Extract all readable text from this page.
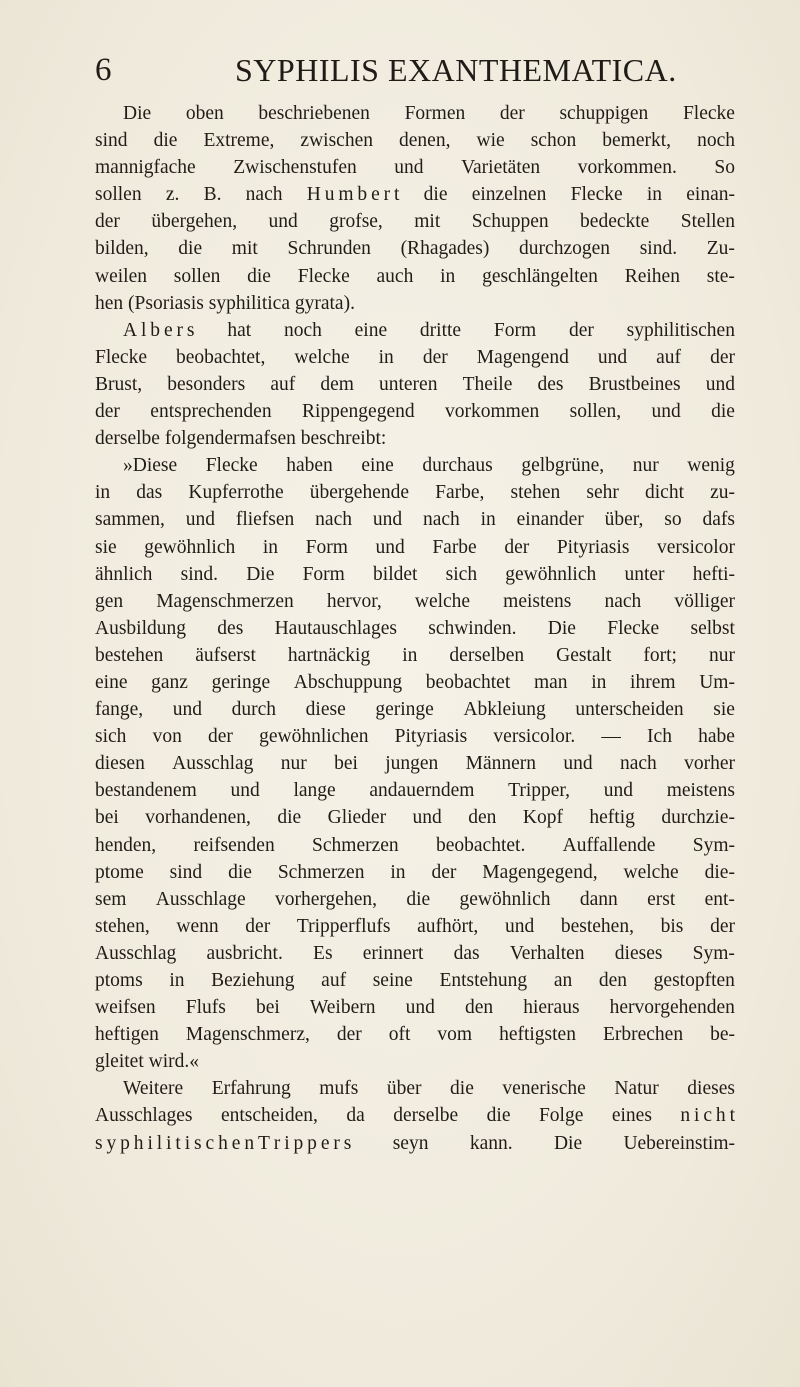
6	SYPHILIS EXANTHEMATICA.
Die oben beschriebenen Formen der schuppigen Flecke
sind die Extreme, zwischen denen, wie schon bemerkt, noch
mannigfache Zwischenstufen und Varietäten vorkommen. So
sollen z. B. nach H u m b e r t die einzelnen Flecke in einan-
der übergehen, und grofse, mit Schuppen bedeckte Stellen
bilden, die mit Schrunden (Rhagades) durchzogen sind. Zu-
weilen sollen die Flecke auch in geschlängelten Reihen ste-
hen (Psoriasis syphilitica gyrata).
A l b e r s hat noch eine dritte Form der syphilitischen
Flecke beobachtet, welche in der Magengend und auf der
Brust, besonders auf dem unteren Theile des Brustbeines und
der entsprechenden Rippengegend vorkommen sollen, und die
derselbe folgendermafsen beschreibt:
»Diese Flecke haben eine durchaus gelbgrüne, nur wenig
in das Kupferrothe übergehende Farbe, stehen sehr dicht zu-
sammen, und fliefsen nach und nach in einander über, so dafs
sie gewöhnlich in Form und Farbe der Pityriasis versicolor
ähnlich sind. Die Form bildet sich gewöhnlich unter hefti-
gen Magenschmerzen hervor, welche meistens nach völliger
Ausbildung des Hautauschlages schwinden. Die Flecke selbst
bestehen äufserst hartnäckig in derselben Gestalt fort; nur
eine ganz geringe Abschuppung beobachtet man in ihrem Um-
fange, und durch diese geringe Abkleiung unterscheiden sie
sich von der gewöhnlichen Pityriasis versicolor. — Ich habe
diesen Ausschlag nur bei jungen Männern und nach vorher
bestandenem und lange andauerndem Tripper, und meistens
bei vorhandenen, die Glieder und den Kopf heftig durchzie-
henden, reifsenden Schmerzen beobachtet. Auffallende Sym-
ptome sind die Schmerzen in der Magengegend, welche die-
sem Ausschlage vorhergehen, die gewöhnlich dann erst ent-
stehen, wenn der Tripperflufs aufhört, und bestehen, bis der
Ausschlag ausbricht. Es erinnert das Verhalten dieses Sym-
ptoms in Beziehung auf seine Entstehung an den gestopften
weifsen Flufs bei Weibern und den hieraus hervorgehenden
heftigen Magenschmerz, der oft vom heftigsten Erbrechen be-
gleitet wird.«
Weitere Erfahrung mufs über die venerische Natur dieses
Ausschlages entscheiden, da derselbe die Folge eines n i c h t
s y p h i l i t i s c h e n T r i p p e r s seyn kann. Die Uebereinstim-
